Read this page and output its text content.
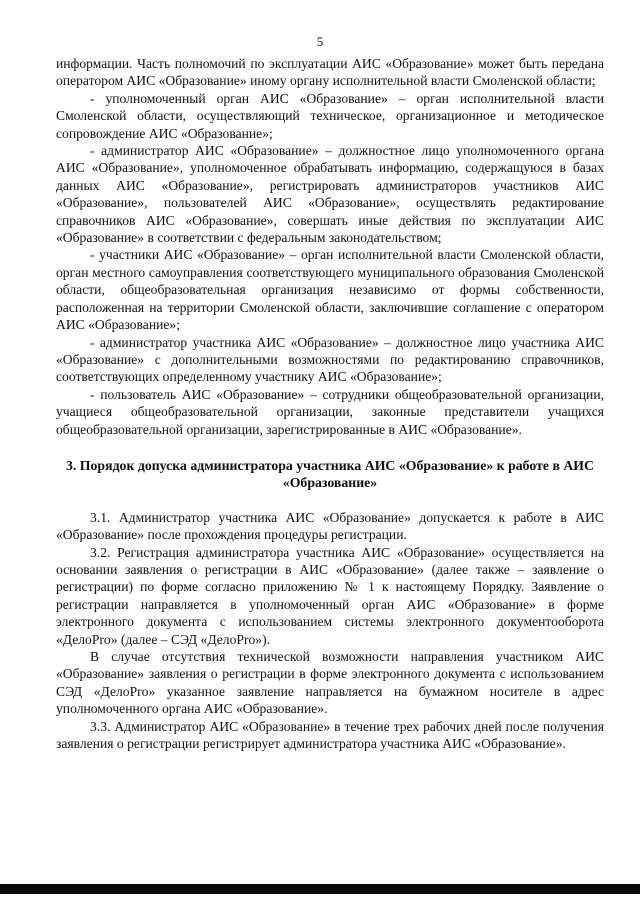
5

информации. Часть полномочий по эксплуатации АИС «Образование» может быть передана оператором АИС «Образование» иному органу исполнительной власти Смоленской области;

- уполномоченный орган АИС «Образование» – орган исполнительной власти Смоленской области, осуществляющий техническое, организационное и методическое сопровождение АИС «Образование»;

- администратор АИС «Образование» – должностное лицо уполномоченного органа АИС «Образование», уполномоченное обрабатывать информацию, содержащуюся в базах данных АИС «Образование», регистрировать администраторов участников АИС «Образование», пользователей АИС «Образование», осуществлять редактирование справочников АИС «Образование», совершать иные действия по эксплуатации АИС «Образование» в соответствии с федеральным законодательством;

- участники АИС «Образование» – орган исполнительной власти Смоленской области, орган местного самоуправления соответствующего муниципального образования Смоленской области, общеобразовательная организация независимо от формы собственности, расположенная на территории Смоленской области, заключившие соглашение с оператором АИС «Образование»;

- администратор участника АИС «Образование» – должностное лицо участника АИС «Образование» с дополнительными возможностями по редактированию справочников, соответствующих определенному участнику АИС «Образование»;

- пользователь АИС «Образование» – сотрудники общеобразовательной организации, учащиеся общеобразовательной организации, законные представители учащихся общеобразовательной организации, зарегистрированные в АИС «Образование».

3. Порядок допуска администратора участника АИС «Образование» к работе в АИС «Образование»

3.1. Администратор участника АИС «Образование» допускается к работе в АИС «Образование» после прохождения процедуры регистрации.

3.2. Регистрация администратора участника АИС «Образование» осуществляется на основании заявления о регистрации в АИС «Образование» (далее также – заявление о регистрации) по форме согласно приложению № 1 к настоящему Порядку. Заявление о регистрации направляется в уполномоченный орган АИС «Образование» в форме электронного документа с использованием системы электронного документооборота «ДелоPro» (далее – СЭД «ДелоPro»).

В случае отсутствия технической возможности направления участником АИС «Образование» заявления о регистрации в форме электронного документа с использованием СЭД «ДелоPro» указанное заявление направляется на бумажном носителе в адрес уполномоченного органа АИС «Образование».

3.3. Администратор АИС «Образование» в течение трех рабочих дней после получения заявления о регистрации регистрирует администратора участника АИС «Образование».
